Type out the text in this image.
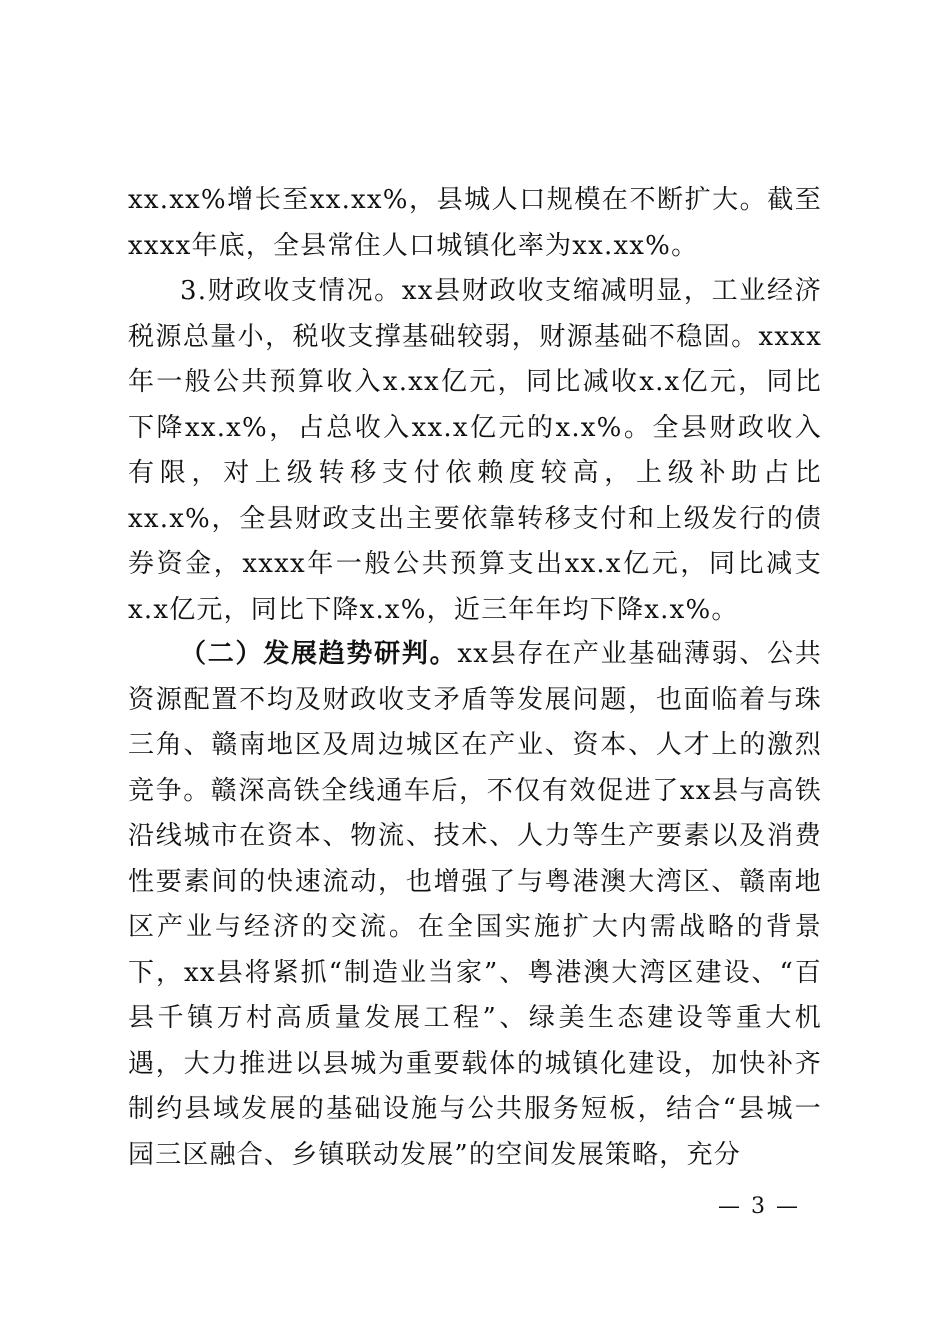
xx.xx%增长至xx.xx%，县城人口规模在不断扩大。截至xxxx年底，全县常住人口城镇化率为xx.xx%。

3.财政收支情况。xx县财政收支缩减明显，工业经济税源总量小，税收支撑基础较弱，财源基础不稳固。xxxx年一般公共预算收入x.xx亿元，同比减收x.x亿元，同比下降xx.x%，占总收入xx.x亿元的x.x%。全县财政收入有限，对上级转移支付依赖度较高，上级补助占比xx.x%，全县财政支出主要依靠转移支付和上级发行的债券资金，xxxx年一般公共预算支出xx.x亿元，同比减支x.x亿元，同比下降x.x%，近三年年均下降x.x%。

（二）发展趋势研判。xx县存在产业基础薄弱、公共资源配置不均及财政收支矛盾等发展问题，也面临着与珠三角、赣南地区及周边城区在产业、资本、人才上的激烈竞争。赣深高铁全线通车后，不仅有效促进了xx县与高铁沿线城市在资本、物流、技术、人力等生产要素以及消费性要素间的快速流动，也增强了与粤港澳大湾区、赣南地区产业与经济的交流。在全国实施扩大内需战略的背景下，xx县将紧抓“制造业当家”、粤港澳大湾区建设、“百县千镇万村高质量发展工程”、绿美生态建设等重大机遇，大力推进以县城为重要载体的城镇化建设，加快补齐制约县域发展的基础设施与公共服务短板，结合“县城一园三区融合、乡镇联动发展”的空间发展策略，充分

— 3 —
